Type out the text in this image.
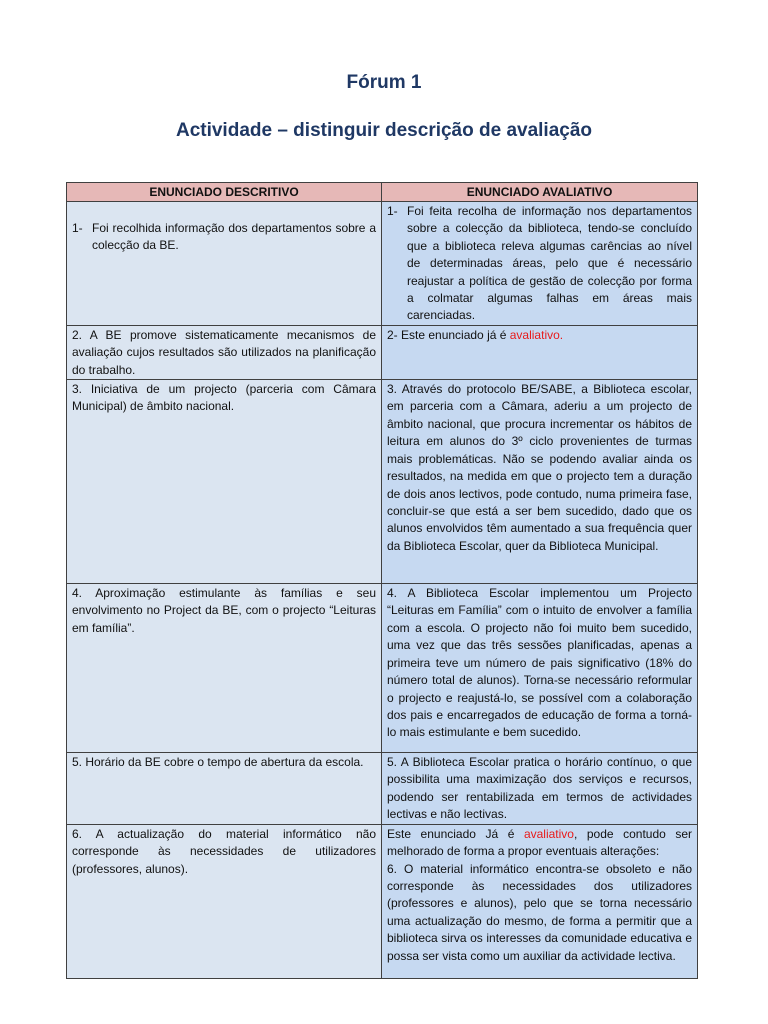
Fórum 1
Actividade – distinguir descrição de avaliação
ENUNCIADO DESCRITIVO	ENUNCIADO AVALIATIVO

1- Foi recolhida informação dos departamentos sobre a colecção da BE.	1- Foi feita recolha de informação nos departamentos sobre a colecção da biblioteca, tendo-se concluído que a biblioteca releva algumas carências ao nível de determinadas áreas, pelo que é necessário reajustar a política de gestão de colecção por forma a colmatar algumas falhas em áreas mais carenciadas.

2. A BE promove sistematicamente mecanismos de avaliação cujos resultados são utilizados na planificação do trabalho.	2- Este enunciado já é avaliativo.
3. Iniciativa de um projecto (parceria com Câmara Municipal) de âmbito nacional.	3. Através do protocolo BE/SABE, a Biblioteca escolar, em parceria com a Câmara, aderiu a um projecto de âmbito nacional, que procura incrementar os hábitos de leitura em alunos do 3º ciclo provenientes de turmas mais problemáticas. Não se podendo avaliar ainda os resultados, na medida em que o projecto tem a duração de dois anos lectivos, pode contudo, numa primeira fase, concluir-se que está a ser bem sucedido, dado que os alunos envolvidos têm aumentado a sua frequência quer da Biblioteca Escolar, quer da Biblioteca Municipal.
4. Aproximação estimulante às famílias e seu envolvimento no Project da BE, com o projecto “Leituras em família”.	4. A Biblioteca Escolar implementou um Projecto “Leituras em Família” com o intuito de envolver a família com a escola. O projecto não foi muito bem sucedido, uma vez que das três sessões planificadas, apenas a primeira teve um número de pais significativo (18% do número total de alunos). Torna-se necessário reformular o projecto e reajustá-lo, se possível com a colaboração dos pais e encarregados de educação de forma a torná-lo mais estimulante e bem sucedido.
5. Horário da BE cobre o tempo de abertura da escola.	5. A Biblioteca Escolar pratica o horário contínuo, o que possibilita uma maximização dos serviços e recursos, podendo ser rentabilizada em termos de actividades lectivas e não lectivas.
6. A actualização do material informático não corresponde às necessidades de utilizadores (professores, alunos).	Este enunciado Já é avaliativo, pode contudo ser melhorado de forma a propor eventuais alterações:
6. O material informático encontra-se obsoleto e não corresponde às necessidades dos utilizadores (professores e alunos), pelo que se torna necessário uma actualização do mesmo, de forma a permitir que a biblioteca sirva os interesses da comunidade educativa e possa ser vista como um auxiliar da actividade lectiva.
